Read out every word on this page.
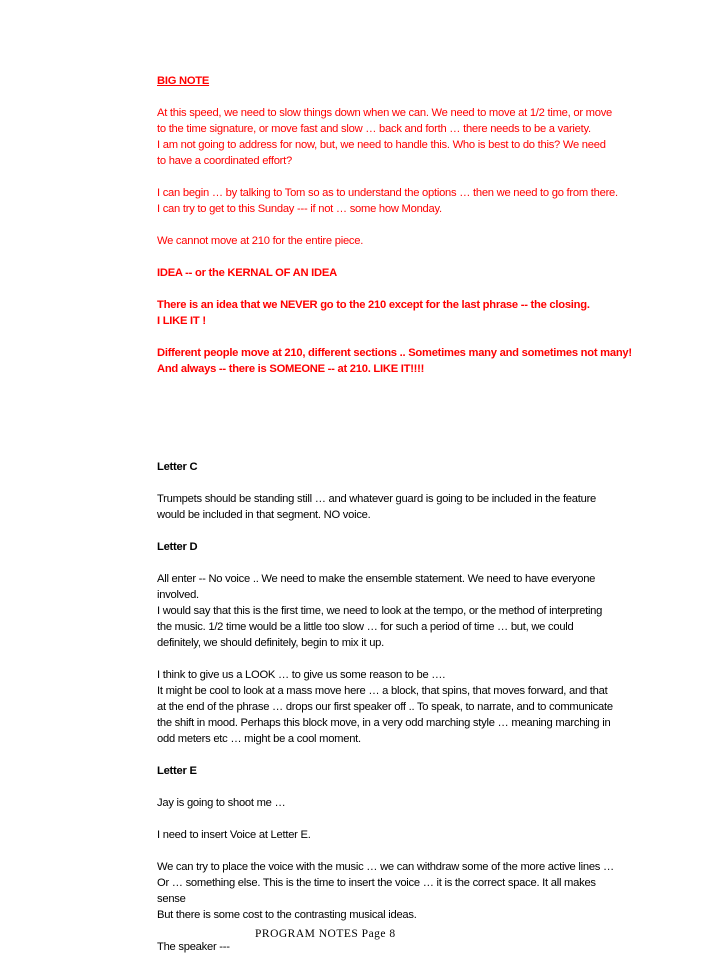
BIG NOTE
At this speed, we need to slow things down when we can. We need to move at 1/2 time, or move
to the time signature, or move fast and slow … back and forth … there needs to be a variety.
I am not going to address for now, but, we need to handle this. Who is best to do this? We need
to have a coordinated effort?
I can begin … by talking to Tom so as to understand the options … then we need to go from there.
I can try to get to this Sunday --- if not … some how Monday.
We cannot move at 210 for the entire piece.
IDEA -- or the KERNAL OF AN IDEA
There is an idea that we NEVER go to the 210 except for the last phrase -- the closing.
I LIKE IT !
Different people move at 210, different sections .. Sometimes many and sometimes not many!
And always -- there is SOMEONE -- at 210. LIKE IT!!!!
Letter C
Trumpets should be standing still … and whatever guard is going to be included in the feature
would be included in that segment. NO voice.
Letter D
All enter -- No voice .. We need to make the ensemble statement. We need to have everyone
involved.
I would say that this is the first time, we need to look at the tempo, or the method of interpreting
the music. 1/2 time would be a little too slow … for such a period of time … but, we could
definitely, we should definitely, begin to mix it up.
I think to give us a LOOK … to give us some reason to be ….
It might be cool to look at a mass move here … a block, that spins, that moves forward, and that
at the end of the phrase … drops our first speaker off .. To speak, to narrate, and to communicate
the shift in mood. Perhaps this block move, in a very odd marching style … meaning marching in
odd meters etc … might be a cool moment.
Letter E
Jay is going to shoot me …
I need to insert Voice at Letter E.
We can try to place the voice with the music … we can withdraw some of the more active lines …
Or … something else. This is the time to insert the voice … it is the correct space. It all makes
sense
But there is some cost to the contrasting musical ideas.
The speaker ---
PROGRAM NOTES Page 8
